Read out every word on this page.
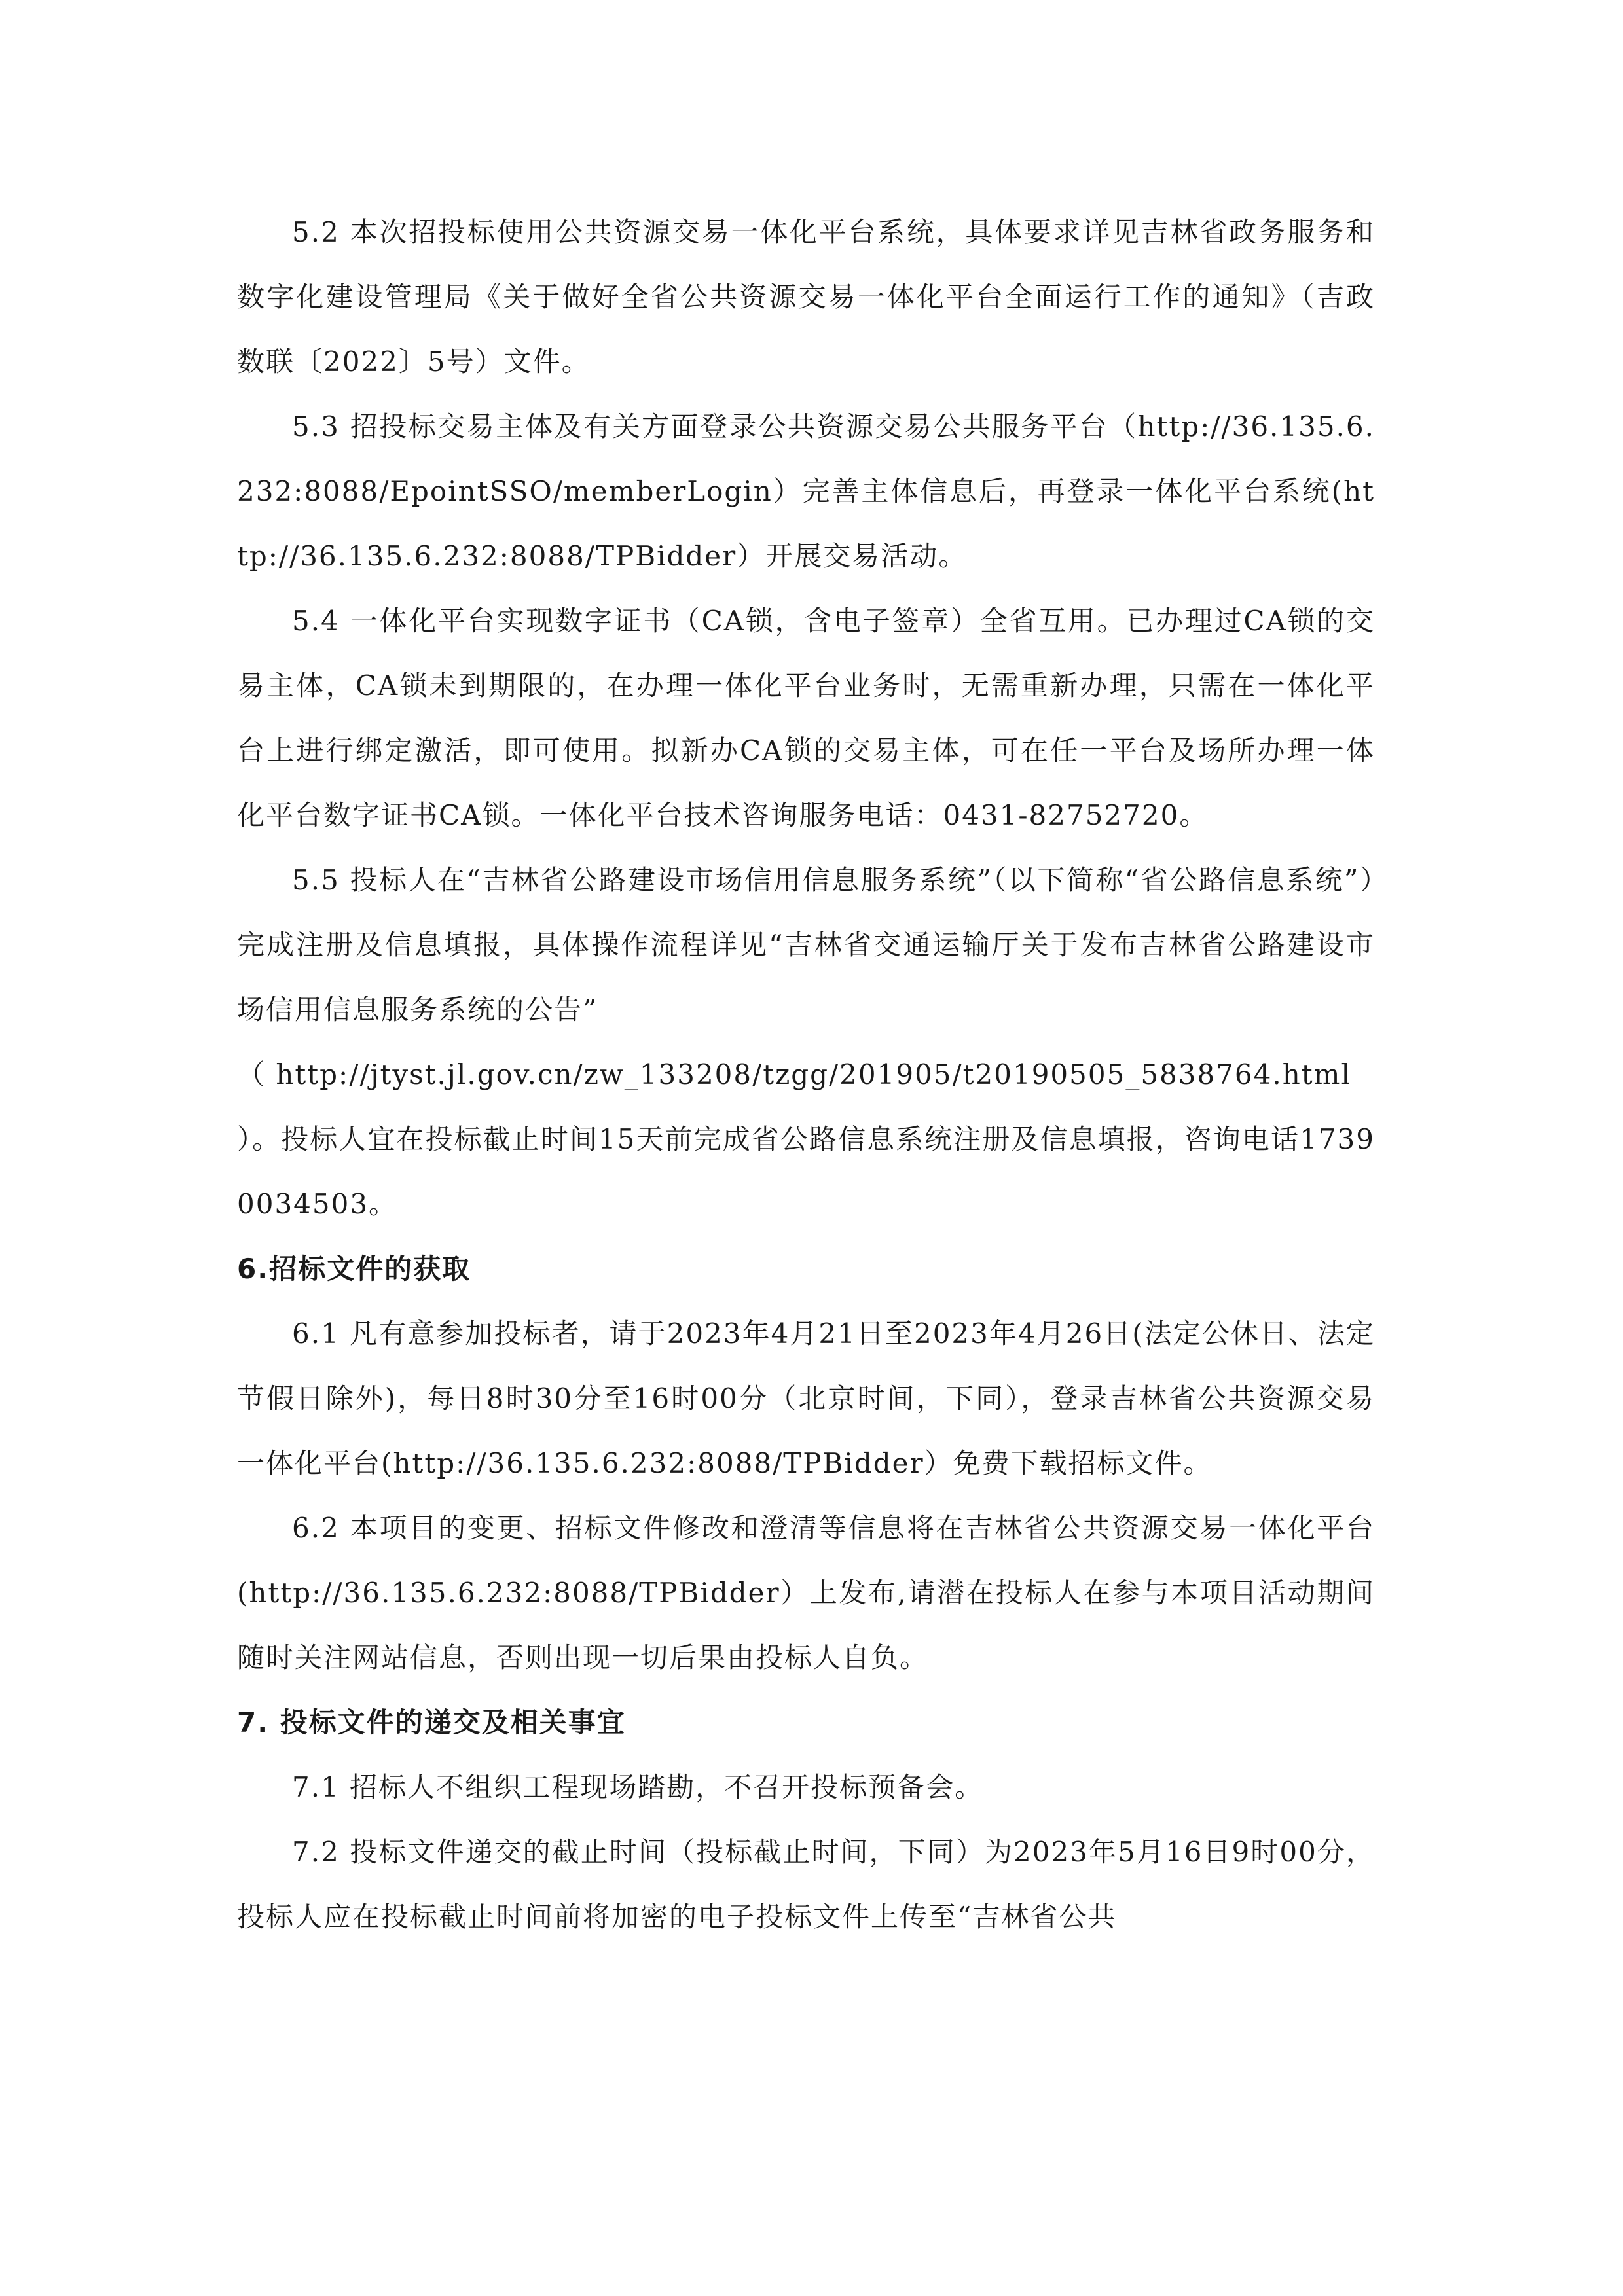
5.2 本次招投标使用公共资源交易一体化平台系统，具体要求详见吉林省政务服务和数字化建设管理局《关于做好全省公共资源交易一体化平台全面运行工作的通知》（吉政数联〔2022〕5号）文件。

5.3 招投标交易主体及有关方面登录公共资源交易公共服务平台（http://36.135.6.232:8088/EpointSSO/memberLogin）完善主体信息后，再登录一体化平台系统(http://36.135.6.232:8088/TPBidder）开展交易活动。

5.4 一体化平台实现数字证书（CA锁，含电子签章）全省互用。已办理过CA锁的交易主体，CA锁未到期限的，在办理一体化平台业务时，无需重新办理，只需在一体化平台上进行绑定激活，即可使用。拟新办CA锁的交易主体，可在任一平台及场所办理一体化平台数字证书CA锁。一体化平台技术咨询服务电话：0431-82752720。

5.5 投标人在“吉林省公路建设市场信用信息服务系统”（以下简称“省公路信息系统”）完成注册及信息填报，具体操作流程详见“吉林省交通运输厅关于发布吉林省公路建设市场信用信息服务系统的公告”

（ http://jtyst.jl.gov.cn/zw_133208/tzgg/201905/t20190505_5838764.html

）。投标人宜在投标截止时间15天前完成省公路信息系统注册及信息填报，咨询电话17390034503。

6.招标文件的获取

6.1 凡有意参加投标者，请于2023年4月21日至2023年4月26日(法定公休日、法定节假日除外)，每日8时30分至16时00分（北京时间，下同），登录吉林省公共资源交易一体化平台(http://36.135.6.232:8088/TPBidder）免费下载招标文件。

6.2 本项目的变更、招标文件修改和澄清等信息将在吉林省公共资源交易一体化平台(http://36.135.6.232:8088/TPBidder）上发布,请潜在投标人在参与本项目活动期间随时关注网站信息，否则出现一切后果由投标人自负。

7. 投标文件的递交及相关事宜

7.1 招标人不组织工程现场踏勘，不召开投标预备会。

7.2 投标文件递交的截止时间（投标截止时间，下同）为2023年5月16日9时00分，投标人应在投标截止时间前将加密的电子投标文件上传至“吉林省公共
